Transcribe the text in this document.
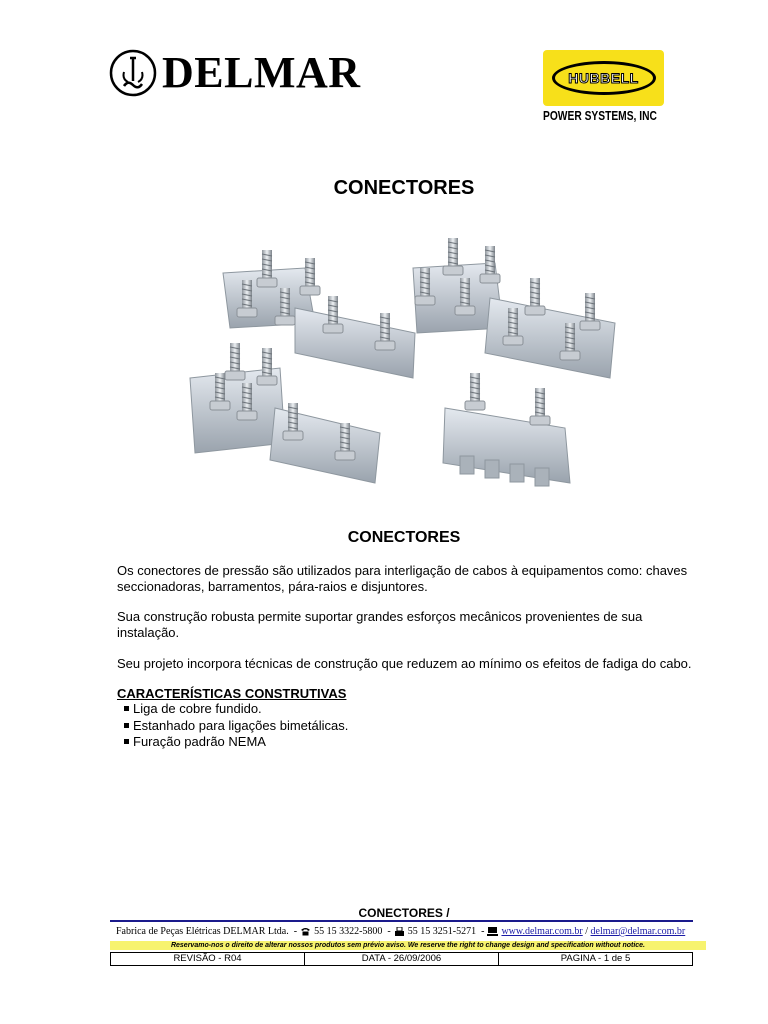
DELMAR	HUBBELL
POWER SYSTEMS, INC
CONECTORES
CONECTORES
Os conectores de pressão são utilizados para interligação de cabos à equipamentos como: chaves seccionadoras, barramentos, pára-raios e disjuntores.
Sua construção robusta permite suportar grandes esforços mecânicos provenientes de sua instalação.
Seu projeto incorpora técnicas de construção que reduzem ao mínimo os efeitos de fadiga do cabo.
CARACTERÍSTICAS CONSTRUTIVAS
Liga de cobre fundido.
Estanhado para ligações bimetálicas.
Furação padrão NEMA
CONECTORES /
Fabrica de Peças Elétricas DELMAR Ltda. - 55 15 3322-5800 - 55 15 3251-5271 - www.delmar.com.br / delmar@delmar.com.br
Reservamo-nos o direito de alterar nossos produtos sem prévio aviso. We reserve the right to change design and specification without notice.
REVISÃO - R04	DATA - 26/09/2006	PAGINA - 1 de 5
